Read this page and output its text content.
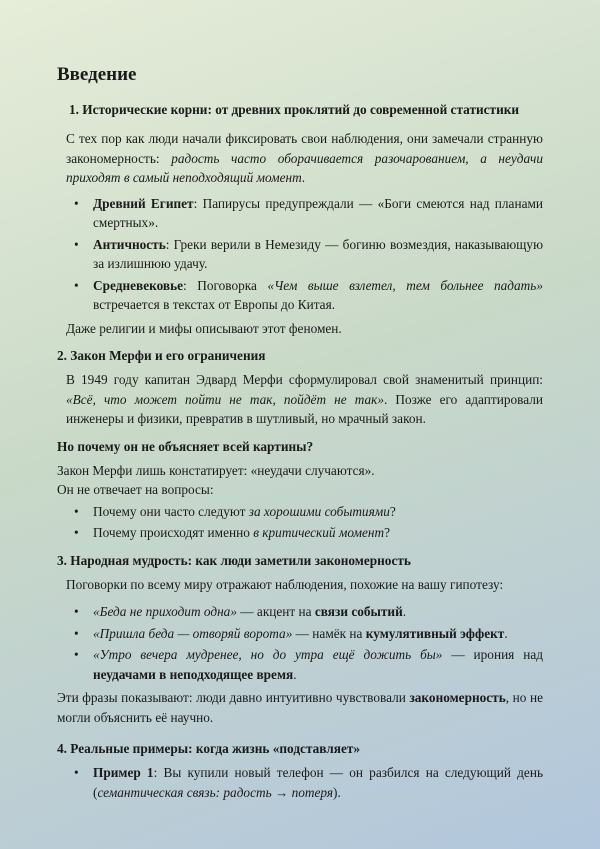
Введение
1. Исторические корни: от древних проклятий до современной статистики

С тех пор как люди начали фиксировать свои наблюдения, они замечали странную закономерность: радость часто оборачивается разочарованием, а неудачи приходят в самый неподходящий момент.

• Древний Египет: Папирусы предупреждали — «Боги смеются над планами смертных».
• Античность: Греки верили в Немезиду — богиню возмездия, наказывающую за излишнюю удачу.
• Средневековье: Поговорка «Чем выше взлетел, тем больнее падать» встречается в текстах от Европы до Китая.

Даже религии и мифы описывают этот феномен.

2. Закон Мерфи и его ограничения

В 1949 году капитан Эдвард Мерфи сформулировал свой знаменитый принцип: «Всё, что может пойти не так, пойдёт не так». Позже его адаптировали инженеры и физики, превратив в шутливый, но мрачный закон.

Но почему он не объясняет всей картины?

Закон Мерфи лишь констатирует: «неудачи случаются».

Он не отвечает на вопросы:

• Почему они часто следуют за хорошими событиями?
• Почему происходят именно в критический момент?
3. Народная мудрость: как люди заметили закономерность

Поговорки по всему миру отражают наблюдения, похожие на вашу гипотезу:

• «Беда не приходит одна» — акцент на связи событий.
• «Пришла беда — отворяй ворота» — намёк на кумулятивный эффект.
• «Утро вечера мудренее, но до утра ещё дожить бы» — ирония над неудачами в неподходящее время.

Эти фразы показывают: люди давно интуитивно чувствовали закономерность, но не могли объяснить её научно.

4. Реальные примеры: когда жизнь «подставляет»
• Пример 1: Вы купили новый телефон — он разбился на следующий день (семантическая связь: радость → потеря).
